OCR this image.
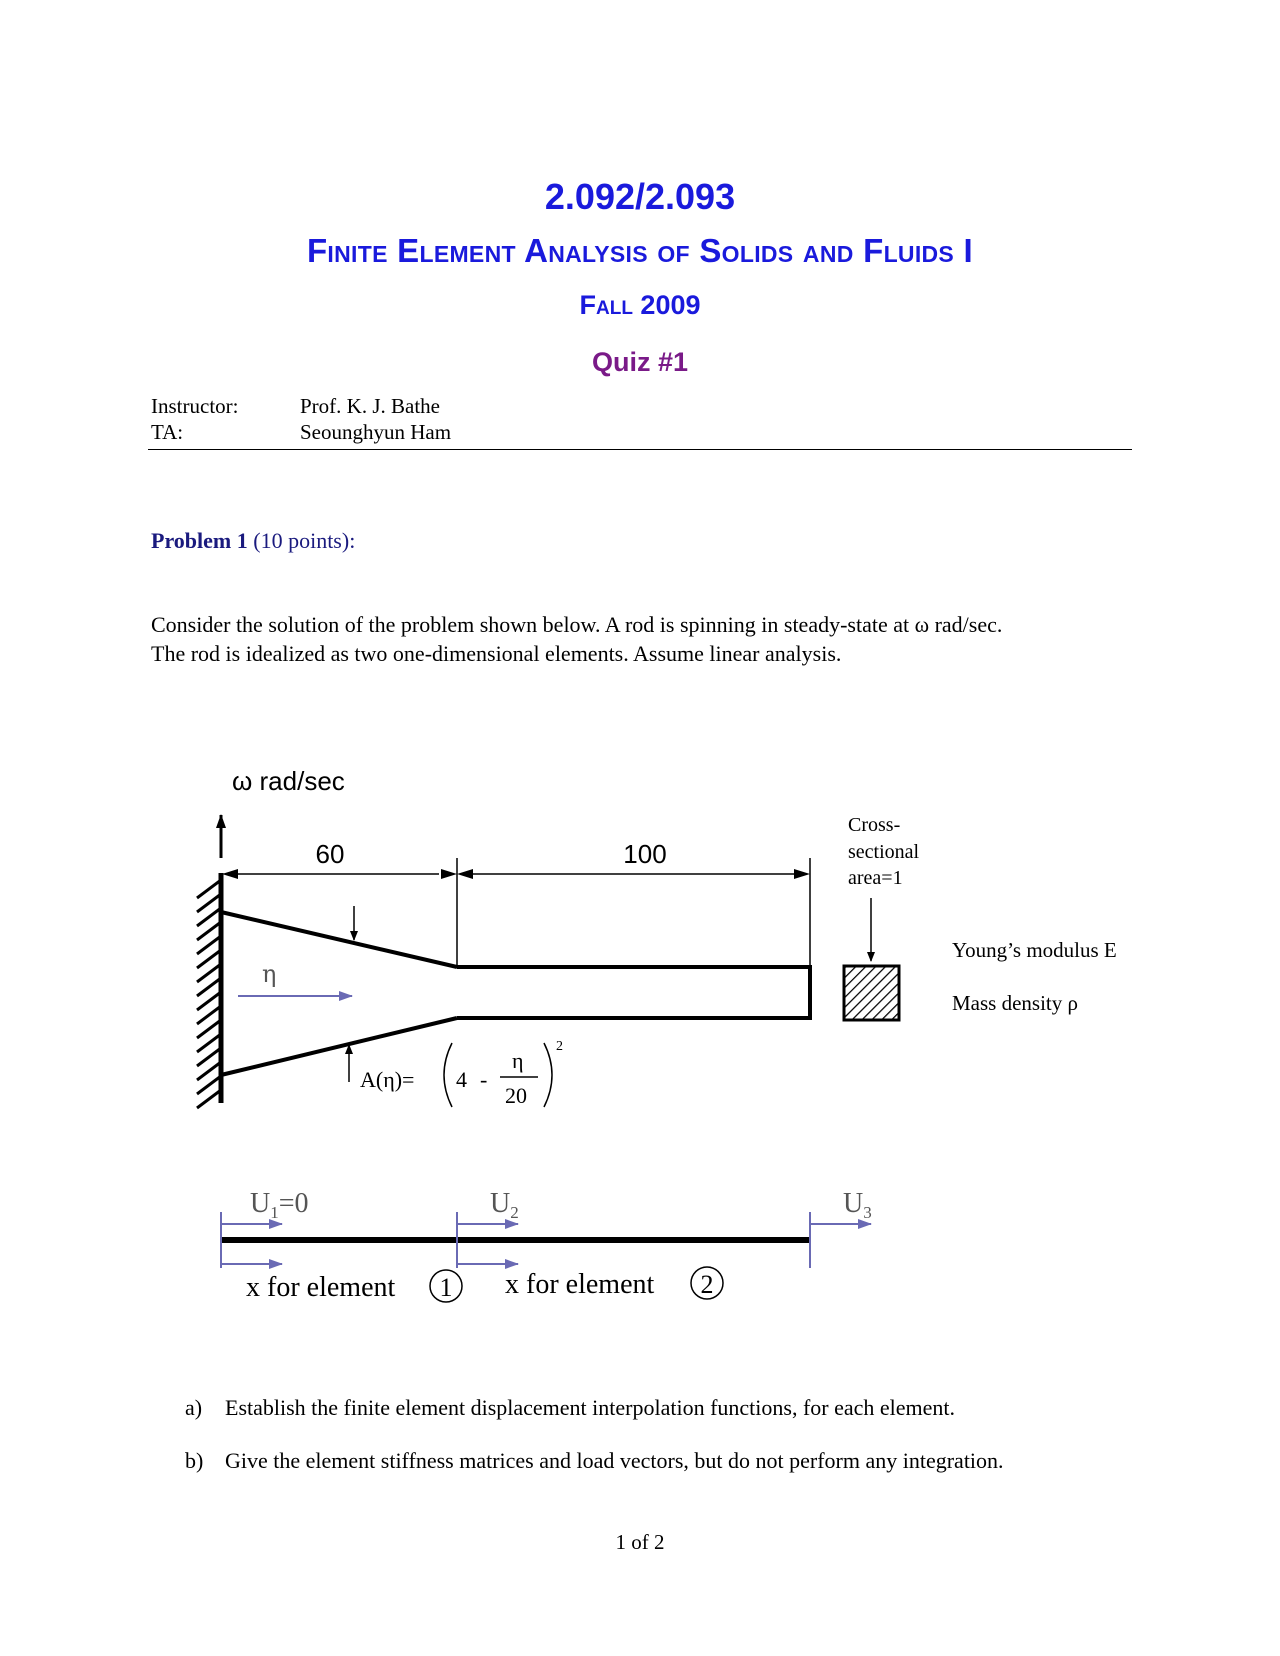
2.092/2.093
Finite Element Analysis of Solids and Fluids I
Fall 2009
Quiz #1
Instructor:	Prof. K. J. Bathe
TA:	Seounghyun Ham
Problem 1 (10 points):

Consider the solution of the problem shown below. A rod is spinning in steady-state at ω rad/sec.

The rod is idealized as two one-dimensional elements. Assume linear analysis.

ω rad/sec
60	100
η
A(η)= 4 -
η
20
2
Cross-
sectional
area=1
Young’s modulus E
Mass density ρ
$U_1=0$	$U_2$	$U_3$
x for element 1 x for element 2
a) Establish the finite element displacement interpolation functions, for each element.
b) Give the element stiffness matrices and load vectors, but do not perform any integration.
1 of 2
